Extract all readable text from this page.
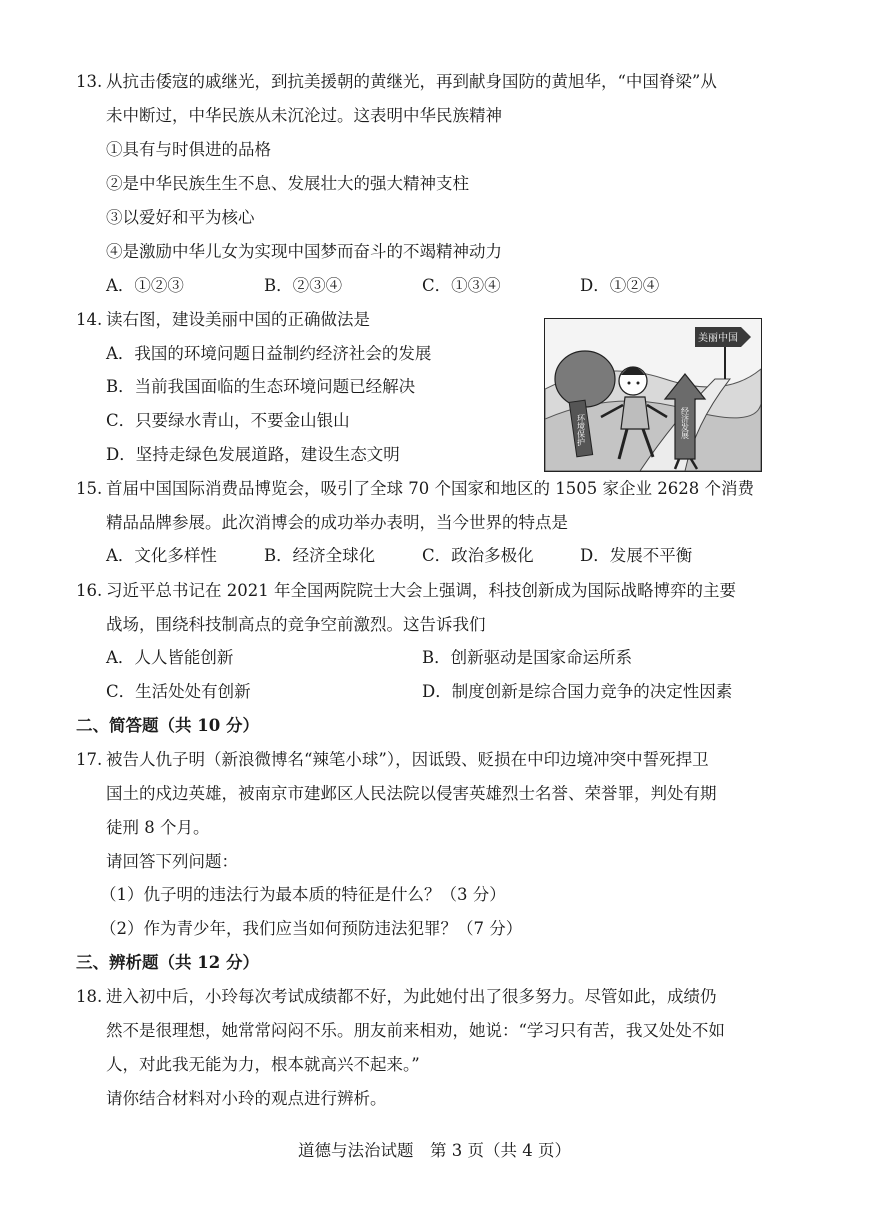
13. 从抗击倭寇的戚继光，到抗美援朝的黄继光，再到献身国防的黄旭华，“中国脊梁”从
未中断过，中华民族从未沉沦过。这表明中华民族精神
①具有与时俱进的品格
②是中华民族生生不息、发展壮大的强大精神支柱
③以爱好和平为核心
④是激励中华儿女为实现中国梦而奋斗的不竭精神动力
A．①②③	B．②③④	C．①③④	D．①②④
14. 读右图，建设美丽中国的正确做法是
A．我国的环境问题日益制约经济社会的发展
B．当前我国面临的生态环境问题已经解决
C．只要绿水青山，不要金山银山
D．坚持走绿色发展道路，建设生态文明
美丽中国
环境保护	经济发展
15. 首届中国国际消费品博览会，吸引了全球 70 个国家和地区的 1505 家企业 2628 个消费
精品品牌参展。此次消博会的成功举办表明，当今世界的特点是
A．文化多样性	B．经济全球化	C．政治多极化	D．发展不平衡
16. 习近平总书记在 2021 年全国两院院士大会上强调，科技创新成为国际战略博弈的主要
战场，围绕科技制高点的竞争空前激烈。这告诉我们
A．人人皆能创新	B．创新驱动是国家命运所系
C．生活处处有创新	D．制度创新是综合国力竞争的决定性因素
二、简答题（共 10 分）
17. 被告人仇子明（新浪微博名“辣笔小球”），因诋毁、贬损在中印边境冲突中誓死捍卫
国土的戍边英雄，被南京市建邺区人民法院以侵害英雄烈士名誉、荣誉罪，判处有期
徒刑 8 个月。
请回答下列问题：
（1）仇子明的违法行为最本质的特征是什么？（3 分）
（2）作为青少年，我们应当如何预防违法犯罪？（7 分）
三、辨析题（共 12 分）
18. 进入初中后，小玲每次考试成绩都不好，为此她付出了很多努力。尽管如此，成绩仍
然不是很理想，她常常闷闷不乐。朋友前来相劝，她说：“学习只有苦，我又处处不如
人，对此我无能为力，根本就高兴不起来。”
请你结合材料对小玲的观点进行辨析。
道德与法治试题　第 3 页（共 4 页）
